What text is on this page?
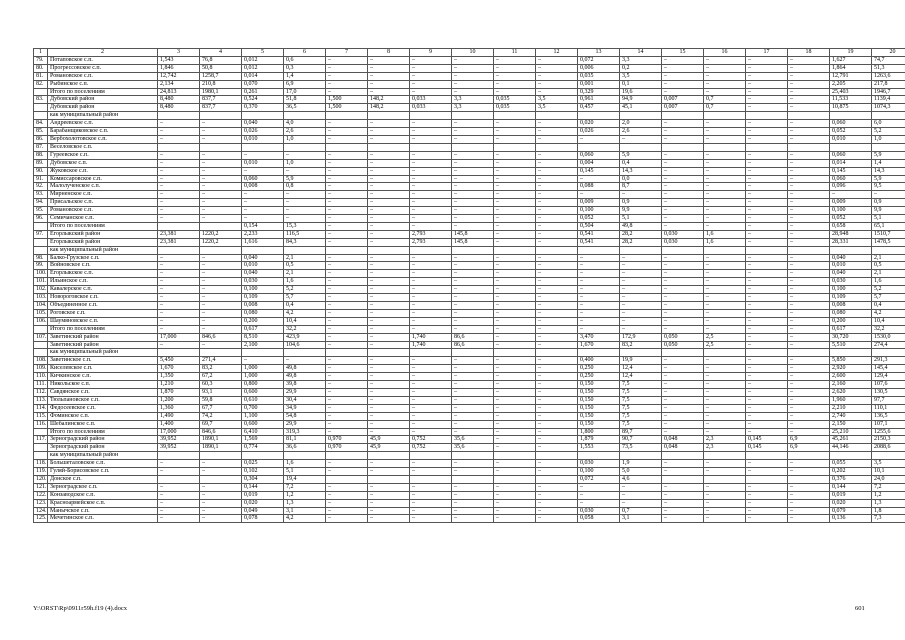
1	2	3	4	5	6	7	8	9	10	11	12	13	14	15	16	17	18	19	20
79.	Потаповское с.п.	1,543	76,8	0,012	0,6	–	–	–	–	–	–	0,072	3,3	–	–	–	–	1,627	74,7
80.	Прогрессовское с.п.	1,846	50,8	0,012	0,3	–	–	–	–	–	–	0,006	0,2	–	–	–	–	1,864	51,3
81.	Романовское с.п.	12,742	1258,7	0,014	1,4	–	–	–	–	–	–	0,035	3,5	–	–	–	–	12,791	1263,6
82.	Рыбинское с.п.	2,134	210,8	0,070	6,9	–	–	–	–	–	–	0,001	0,1	–	–	–	–	2,205	217,8
	Итого по поселениям	24,813	1980,1	0,261	17,0	–	–	–	–	–	–	0,329	19,6	–	–	–	–	25,403	1946,7
83.	Дубовский район	8,480	837,7	0,524	51,8	1,500	148,2	0,033	3,3	0,035	3,5	0,961	94,9	0,007	0,7	–	–	11,533	1139,4
	Дубовский район	8,480	837,7	0,370	36,5	1,500	148,2	0,033	3,3	0,035	3,5	0,457	45,1	0,007	0,7	–	–	10,875	1074,3
	как муниципальный район																		
84.	Андреевское с.п.	–	–	0,040	4,0	–	–	–	–	–	–	0,020	2,0	–	–	–	–	0,060	6,0
85.	Барабанщиковское с.п.	–	–	0,026	2,6	–	–	–	–	–	–	0,026	2,6	–	–	–	–	0,052	5,2
86.	Вербохолотовское с.п.	–	–	0,010	1,0	–	–	–	–	–	–	–	–	–	–	–	–	0,010	1,0
87.	Веселовское с.п.																		
88.	Гуреевское с.п.	–	–	–	–	–	–	–	–	–	–	0,060	5,9	–	–	–	–	0,060	5,9
89.	Дубовское с.п.	–	–	0,010	1,0	–	–	–	–	–	–	0,004	0,4	–	–	–	–	0,014	1,4
90.	Жуковское с.п.	–	–	–	–	–	–	–	–	–	–	0,145	14,3	–	–	–	–	0,145	14,3
91.	Комиссаровское с.п.	–	–	0,060	5,9	–	–	–	–	–	–	–	0,0	–	–	–	–	0,060	5,9
92.	Малолученское с.п.	–	–	0,008	0,8	–	–	–	–	–	–	0,088	8,7	–	–	–	–	0,096	9,5
93.	Мирненское с.п.	–	–	–	–	–	–	–	–	–	–	–	–	–	–	–	–	–	–
94.	Присальское с.п.	–	–	–	–	–	–	–	–	–	–	0,009	0,9	–	–	–	–	0,009	0,9
95.	Романовское с.п.	–	–	–	–	–	–	–	–	–	–	0,100	9,9	–	–	–	–	0,100	9,9
96.	Семичанское с.п.	–	–	–	–	–	–	–	–	–	–	0,052	5,1	–	–	–	–	0,052	5,1
	Итого по поселениям			0,154	15,3	–	–	–	–	–	–	0,504	49,8	–	–	–	–	0,658	65,1
97.	Егорлыкский район	23,381	1220,2	2,233	116,5	–	–	2,793	145,8	–	–	0,541	28,2	0,030	1,6	–	–	28,948	1510,7
	Егорлыкский район	23,381	1220,2	1,616	84,3	–	–	2,793	145,8	–	–	0,541	28,2	0,030	1,6	–	–	28,331	1478,5
	как муниципальный район																		
98.	Балко-Грузское с.п.	–	–	0,040	2,1	–	–	–	–	–	–	–	–	–	–	–	–	0,040	2,1
99.	Войновское с.п.	–	–	0,010	0,5	–	–	–	–	–	–	–	–	–	–	–	–	0,010	0,5
100.	Егорлыкское с.п.	–	–	0,040	2,1	–	–	–	–	–	–	–	–	–	–	–	–	0,040	2,1
101.	Ильинское с.п.	–	–	0,030	1,6	–	–	–	–	–	–	–	–	–	–	–	–	0,030	1,6
102.	Кавалерское с.п.	–	–	0,100	5,2	–	–	–	–	–	–	–	–	–	–	–	–	0,100	5,2
103.	Новороговское с.п.	–	–	0,109	5,7	–	–	–	–	–	–	–	–	–	–	–	–	0,109	5,7
104.	Объединенное с.п.	–	–	0,008	0,4	–	–	–	–	–	–	–	–	–	–	–	–	0,008	0,4
105.	Роговское с.п.	–	–	0,080	4,2	–	–	–	–	–	–	–	–	–	–	–	–	0,080	4,2
106.	Шаумяновское с.п.	–	–	0,200	10,4	–	–	–	–	–	–	–	–	–	–	–	–	0,200	10,4
	Итого по поселениям	–	–	0,617	32,2	–	–	–	–	–	–	–	–	–	–	–	–	0,617	32,2
107.	Заветинский район	17,000	846,6	8,510	423,9	–	–	1,740	86,6	–	–	3,470	172,9	0,050	2,5	–	–	30,720	1530,0
	Заветинский район	–	–	2,100	104,6	–	–	1,740	86,6	–	–	1,670	83,2	0,050	2,5	–	–	5,510	274,4
	как муниципальный район																		
108.	Заветинское с.п.	5,450	271,4	–	–	–	–	–	–	–	–	0,400	19,9	–	–	–	–	5,850	291,3
109.	Киселевское с.п.	1,670	83,2	1,000	49,8	–	–	–	–	–	–	0,250	12,4	–	–	–	–	2,920	145,4
110.	Кичкинское с.п.	1,350	67,2	1,000	49,8	–	–	–	–	–	–	0,250	12,4	–	–	–	–	2,600	129,4
111.	Никольское с.п.	1,210	60,3	0,800	39,8	–	–	–	–	–	–	0,150	7,5	–	–	–	–	2,160	107,6
112.	Савдянское с.п.	1,870	93,1	0,600	29,9	–	–	–	–	–	–	0,150	7,5	–	–	–	–	2,620	130,5
113.	Тюльпановское с.п.	1,200	59,8	0,610	30,4	–	–	–	–	–	–	0,150	7,5	–	–	–	–	1,960	97,7
114.	Федосеевское с.п.	1,360	67,7	0,700	34,9	–	–	–	–	–	–	0,150	7,5	–	–	–	–	2,210	110,1
115.	Фоминское с.п.	1,490	74,2	1,100	54,8	–	–	–	–	–	–	0,150	7,5	–	–	–	–	2,740	136,5
116.	Шебалинское с.п.	1,400	69,7	0,600	29,9	–	–	–	–	–	–	0,150	7,5	–	–	–	–	2,150	107,1
	Итого по поселениям	17,000	846,6	6,410	319,3	–	–	–	–	–	–	1,800	89,7	–	–	–	–	25,210	1255,6
117.	Зерноградский район	39,952	1890,1	1,569	81,1	0,970	45,9	0,752	35,6	–	–	1,879	90,7	0,048	2,3	0,145	6,9	45,261	2150,3
	Зерноградский район	39,952	1890,1	0,774	36,6	0,970	45,9	0,752	35,6	–	–	1,553	73,5	0,048	2,3	0,145	6,9	44,146	2088,6
	как муниципальный район																		
118.	Большеталовское с.п.	–	–	0,025	1,6	–	–	–	–	–	–	0,030	1,9	–	–	–	–	0,055	3,5
119.	Гуляй-Борисовское с.п.	–	–	0,102	5,1	–	–	–	–	–	–	0,100	5,0	–	–	–	–	0,202	10,1
120.	Донское с.п.			0,304	19,4							0,072	4,6					0,376	24,0
121.	Зерноградское с.п.	–	–	0,144	7,2	–	–	–	–	–	–	–	–	–	–	–	–	0,144	7,2
122.	Конзаводское с.п.	–	–	0,019	1,2	–	–	–	–	–	–	–	–	–	–	–	–	0,019	1,2
123.	Красноармейское с.п.	–	–	0,020	1,3	–	–	–	–	–	–	–	–	–	–	–	–	0,020	1,3
124.	Манычское с.п.	–	–	0,049	3,1	–	–	–	–	–	–	0,030	0,7	–	–	–	–	0,079	1,8
125.	Мечетинское с.п.	–	–	0,078	4,2	–	–	–	–	–	–	0,058	3,1	–	–	–	–	0,136	7,3
Y:\ORST\Rp\0911r59h.f19 (4).docx	601
